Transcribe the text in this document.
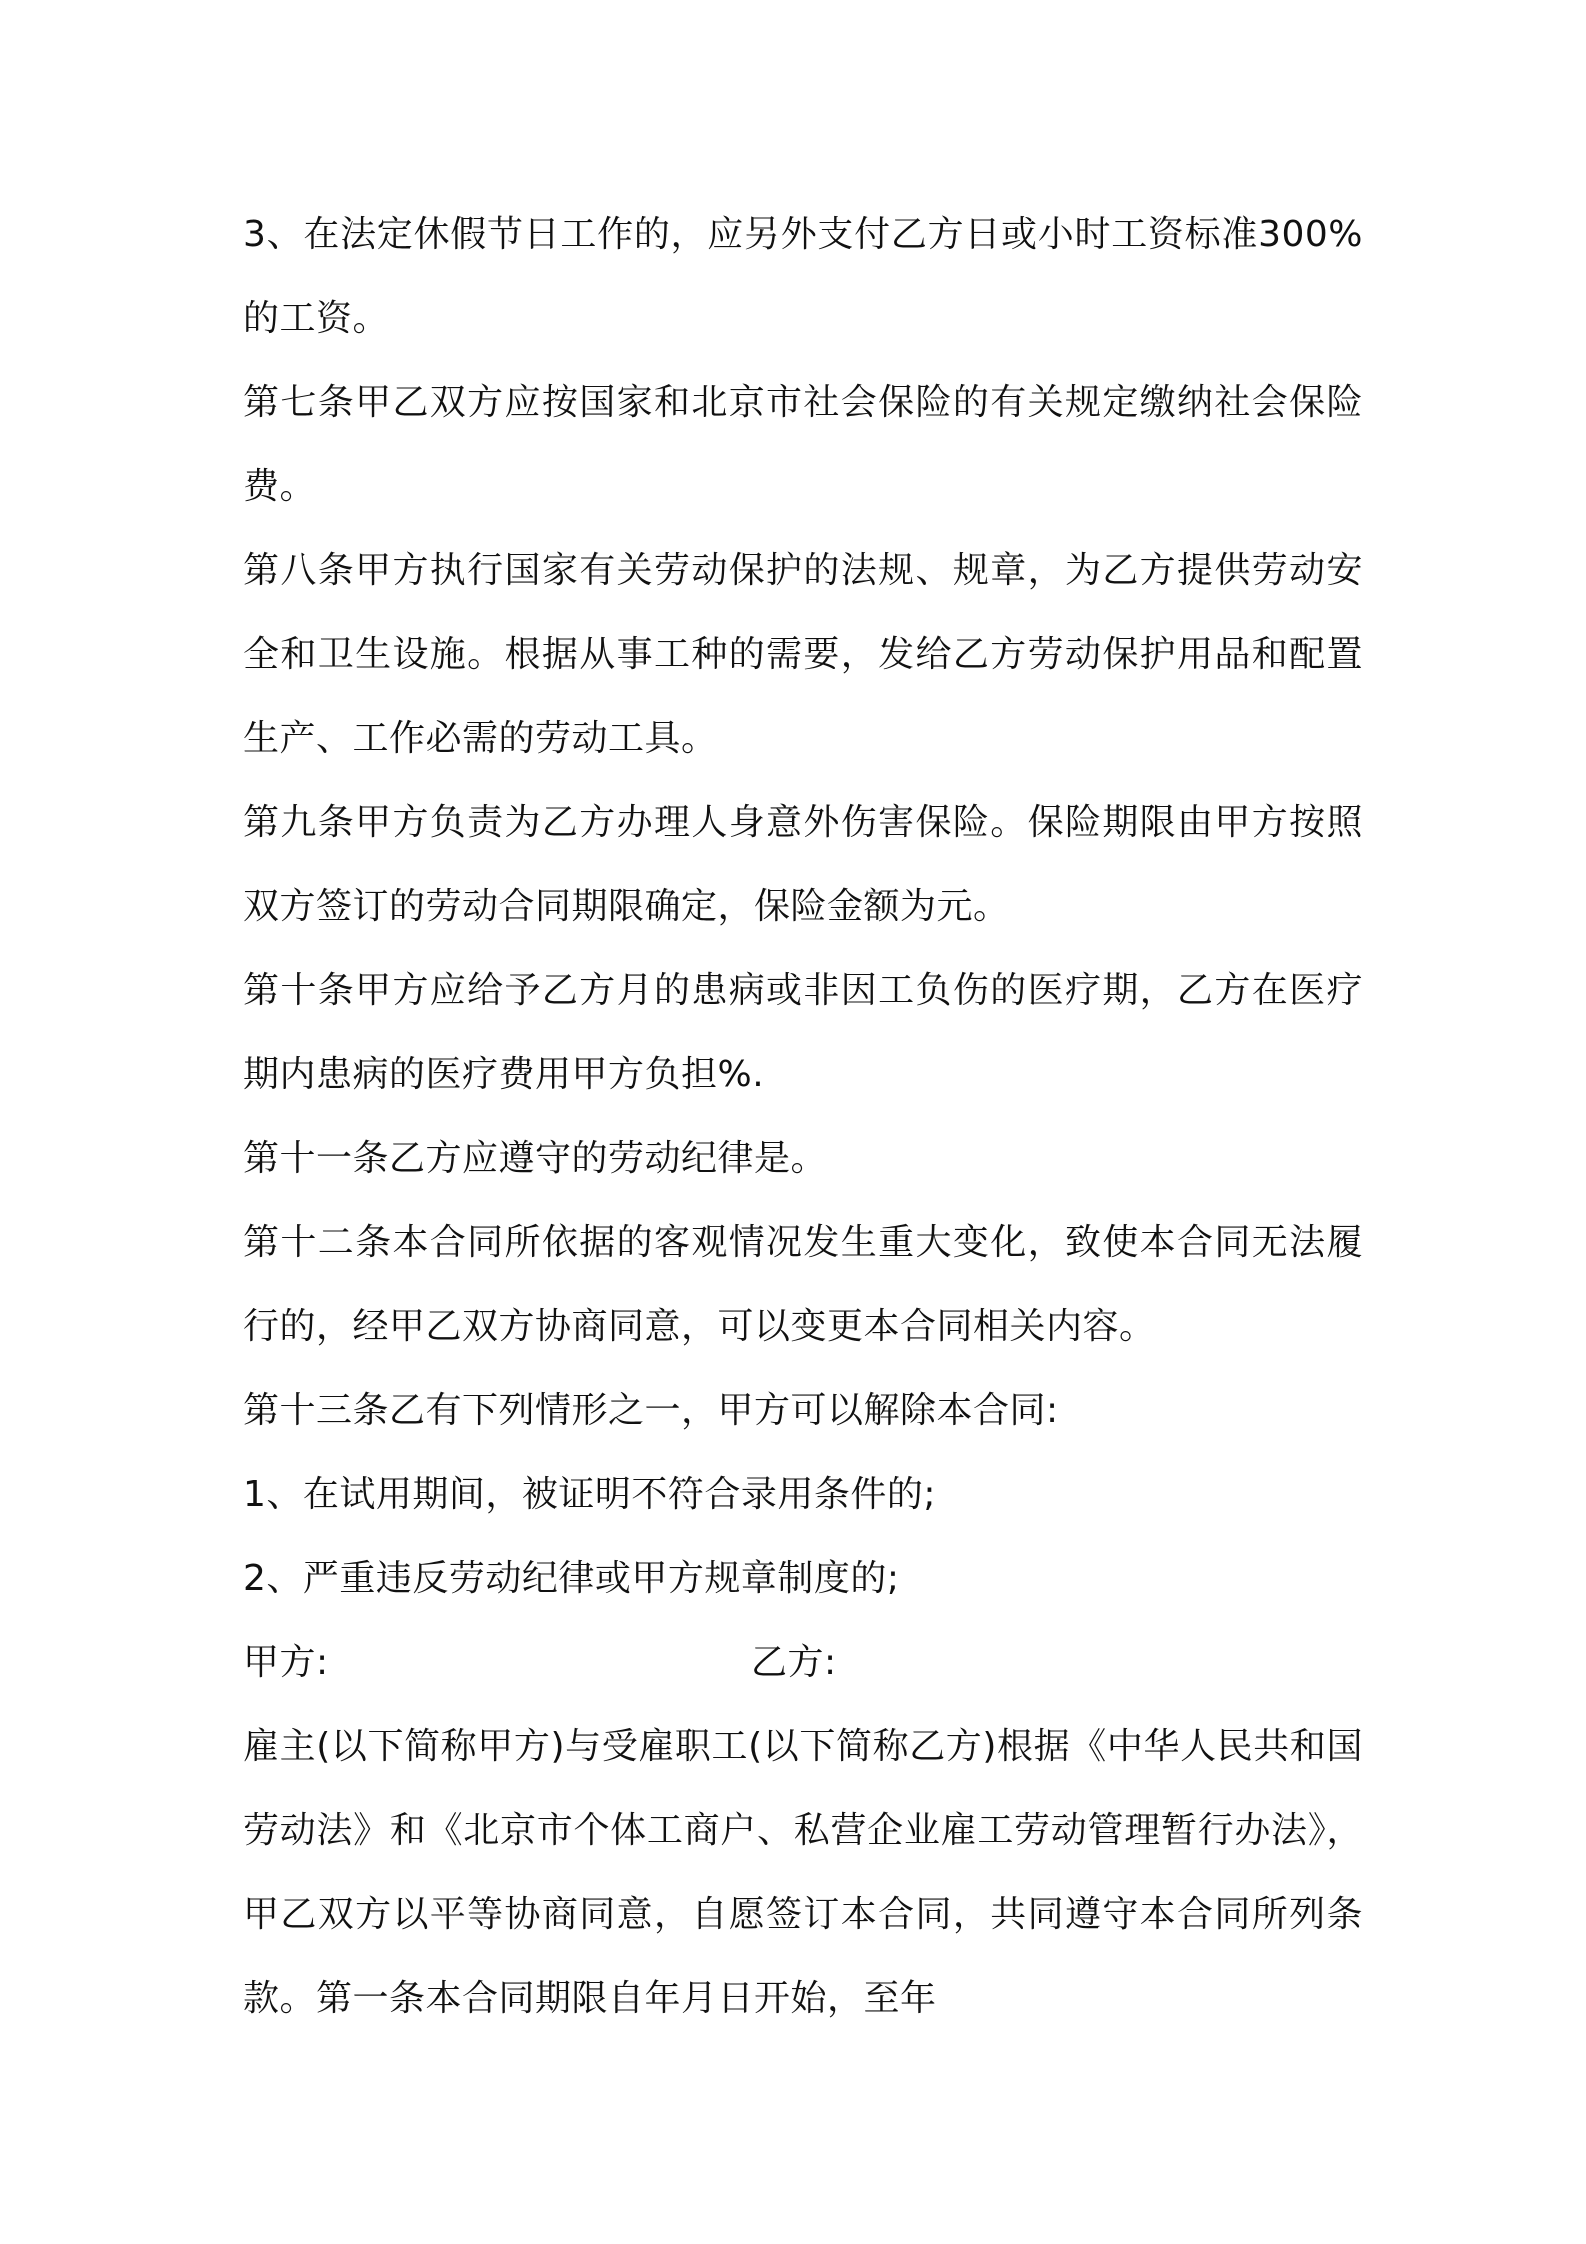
3、在法定休假节日工作的，应另外支付乙方日或小时工资标准300%的工资。

第七条甲乙双方应按国家和北京市社会保险的有关规定缴纳社会保险费。

第八条甲方执行国家有关劳动保护的法规、规章，为乙方提供劳动安全和卫生设施。根据从事工种的需要，发给乙方劳动保护用品和配置生产、工作必需的劳动工具。

第九条甲方负责为乙方办理人身意外伤害保险。保险期限由甲方按照双方签订的劳动合同期限确定，保险金额为元。

第十条甲方应给予乙方月的患病或非因工负伤的医疗期，乙方在医疗期内患病的医疗费用甲方负担%.

第十一条乙方应遵守的劳动纪律是。

第十二条本合同所依据的客观情况发生重大变化，致使本合同无法履行的，经甲乙双方协商同意，可以变更本合同相关内容。

第十三条乙有下列情形之一，甲方可以解除本合同:

1、在试用期间，被证明不符合录用条件的;

2、严重违反劳动纪律或甲方规章制度的;

甲方:	乙方:

雇主(以下简称甲方)与受雇职工(以下简称乙方)根据《中华人民共和国劳动法》和《北京市个体工商户、私营企业雇工劳动管理暂行办法》，甲乙双方以平等协商同意，自愿签订本合同，共同遵守本合同所列条款。第一条本合同期限自年月日开始，至年
